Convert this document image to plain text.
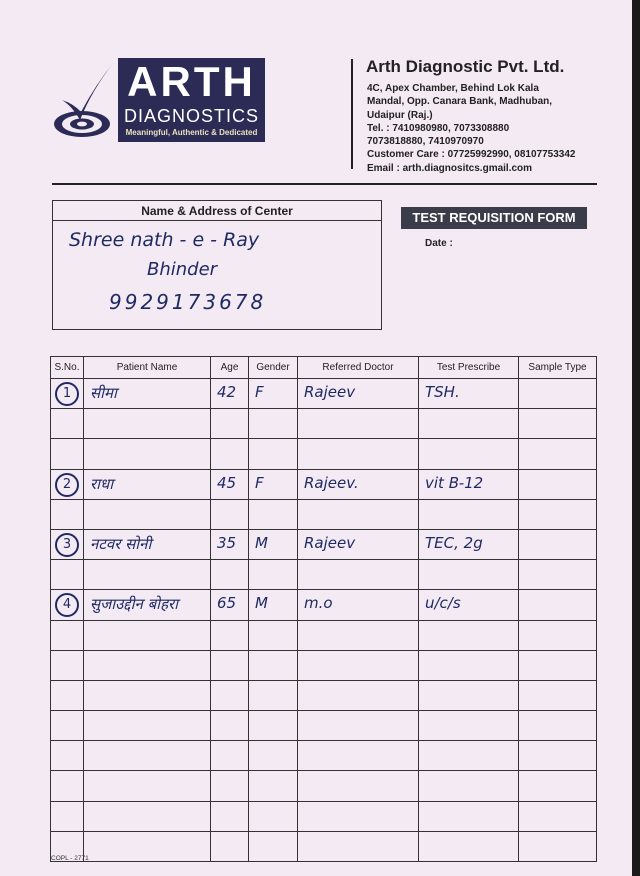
ARTH
DIAGNOSTICS
Meaningful, Authentic & Dedicated
Arth Diagnostic Pvt. Ltd.
4C, Apex Chamber, Behind Lok Kala
Mandal, Opp. Canara Bank, Madhuban,
Udaipur (Raj.)
Tel. : 7410980980, 7073308880
7073818880, 7410970970
Customer Care : 07725992990, 08107753342
Email : arth.diagnositcs.gmail.com
Name & Address of Center
Shree nath - e - Ray
Bhinder
9929173678
TEST REQUISITION FORM
Date :
S.No.	Patient Name	Age	Gender	Referred Doctor	Test Prescribe	Sample Type

1	सीमा	42	F	Rajeev	TSH.	

2	राधा	45	F	Rajeev.	vit B-12	

3	नटवर सोनी	35	M	Rajeev	TEC, 2g	

4	सुजाउद्दीन बोहरा	65	M	m.o	u/c/s	

COPL - 2771
